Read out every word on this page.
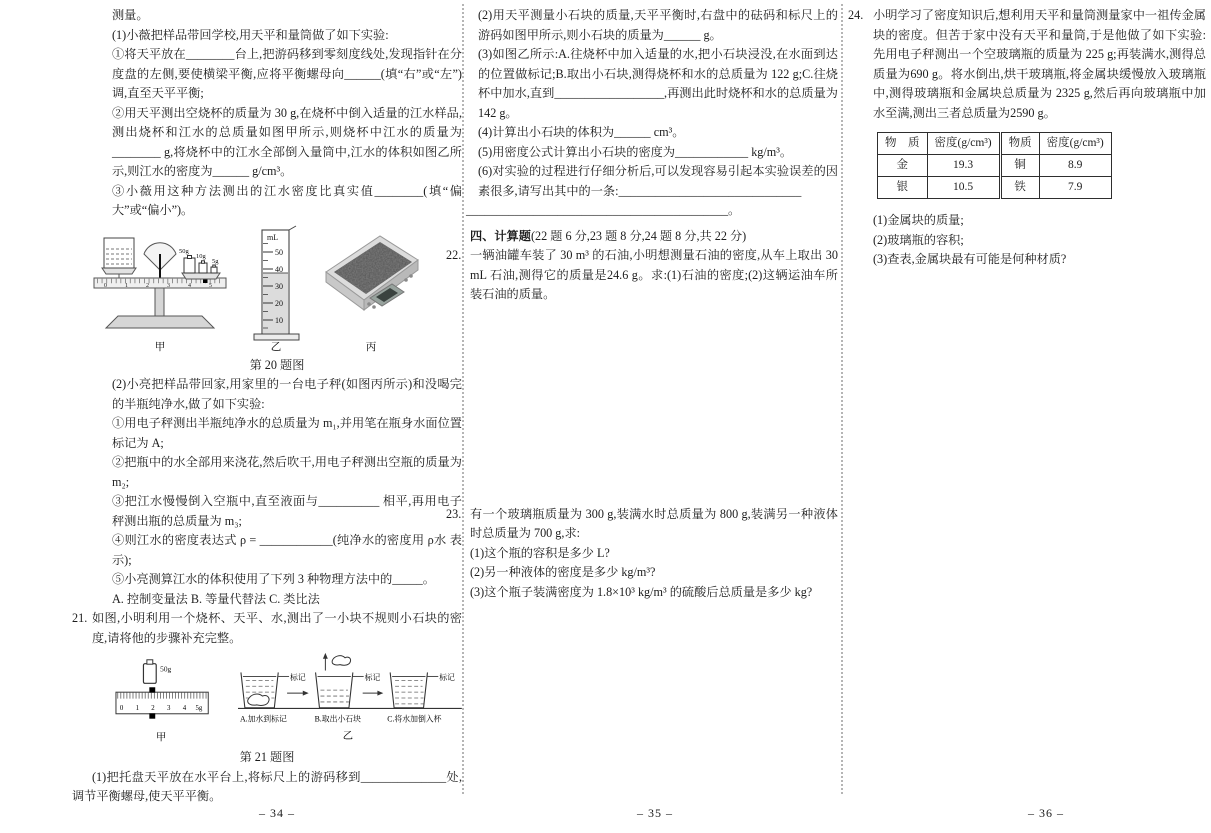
测量。

(1)小薇把样品带回学校,用天平和量筒做了如下实验:

①将天平放在________台上,把游码移到零刻度线处,发现指针在分度盘的左侧,要使横梁平衡,应将平衡螺母向______(填“右”或“左”)调,直至天平平衡;

②用天平测出空烧杯的质量为 30 g,在烧杯中倒入适量的江水样品,测出烧杯和江水的总质量如图甲所示,则烧杯中江水的质量为________ g,将烧杯中的江水全部倒入量筒中,江水的体积如图乙所示,则江水的密度为______ g/cm³。

③小薇用这种方法测出的江水密度比真实值________(填“偏大”或“偏小”)。

0	1	2	3	4	5
50g
10g
5g
甲
50
40
30
20
10
mL
乙	丙

第 20 题图

(2)小亮把样品带回家,用家里的一台电子秤(如图丙所示)和没喝完的半瓶纯净水,做了如下实验:

①用电子秤测出半瓶纯净水的总质量为 m₁,并用笔在瓶身水面位置标记为 A;

②把瓶中的水全部用来浇花,然后吹干,用电子秤测出空瓶的质量为 m₂;

③把江水慢慢倒入空瓶中,直至液面与__________ 相平,再用电子秤测出瓶的总质量为 m₃;

④则江水的密度表达式 ρ = ____________(纯净水的密度用 ρ水 表示);

⑤小亮测算江水的体积使用了下列 3 种物理方法中的_____。

A. 控制变量法 B. 等量代替法 C. 类比法

21. 如图,小明利用一个烧杯、天平、水,测出了一小块不规则小石块的密度,请将他的步骤补充完整。

50g
0 1 2 3 4 5g
甲
标记	标记	标记
A.加水到标记	B.取出小石块	C.将水加倒入杯
乙

第 21 题图

(1)把托盘天平放在水平台上,将标尺上的游码移到______________处,调节平衡螺母,使天平平衡。

(2)用天平测量小石块的质量,天平平衡时,右盘中的砝码和标尺上的游码如图甲所示,则小石块的质量为______ g。

(3)如图乙所示:A.往烧杯中加入适量的水,把小石块浸没,在水面到达的位置做标记;B.取出小石块,测得烧杯和水的总质量为 122 g;C.往烧杯中加水,直到__________________,再测出此时烧杯和水的总质量为 142 g。

(4)计算出小石块的体积为______ cm³。

(5)用密度公式计算出小石块的密度为____________ kg/m³。

(6)对实验的过程进行仔细分析后,可以发现容易引起本实验误差的因素很多,请写出其中的一条:______________________________

___________________________________________。

四、计算题(22 题 6 分,23 题 8 分,24 题 8 分,共 22 分)

22. 一辆油罐车装了 30 m³ 的石油,小明想测量石油的密度,从车上取出 30 mL 石油,测得它的质量是24.6 g。求:(1)石油的密度;(2)这辆运油车所装石油的质量。

23. 有一个玻璃瓶质量为 300 g,装满水时总质量为 800 g,装满另一种液体时总质量为 700 g,求:

(1)这个瓶的容积是多少 L?

(2)另一种液体的密度是多少 kg/m³?

(3)这个瓶子装满密度为 1.8×10³ kg/m³ 的硫酸后总质量是多少 kg?

24. 小明学习了密度知识后,想利用天平和量筒测量家中一祖传金属块的密度。但苦于家中没有天平和量筒,于是他做了如下实验:先用电子秤测出一个空玻璃瓶的质量为 225 g;再装满水,测得总质量为690 g。将水倒出,烘干玻璃瓶,将金属块缓慢放入玻璃瓶中,测得玻璃瓶和金属块总质量为 2325 g,然后再向玻璃瓶中加水至满,测出三者总质量为2590 g。

物　质	密度(g/cm³)	物质	密度(g/cm³)
金	19.3	铜	8.9
银	10.5	铁	7.9

(1)金属块的质量;

(2)玻璃瓶的容积;

(3)查表,金属块最有可能是何种材质?

– 34 –	– 35 –	– 36 –
